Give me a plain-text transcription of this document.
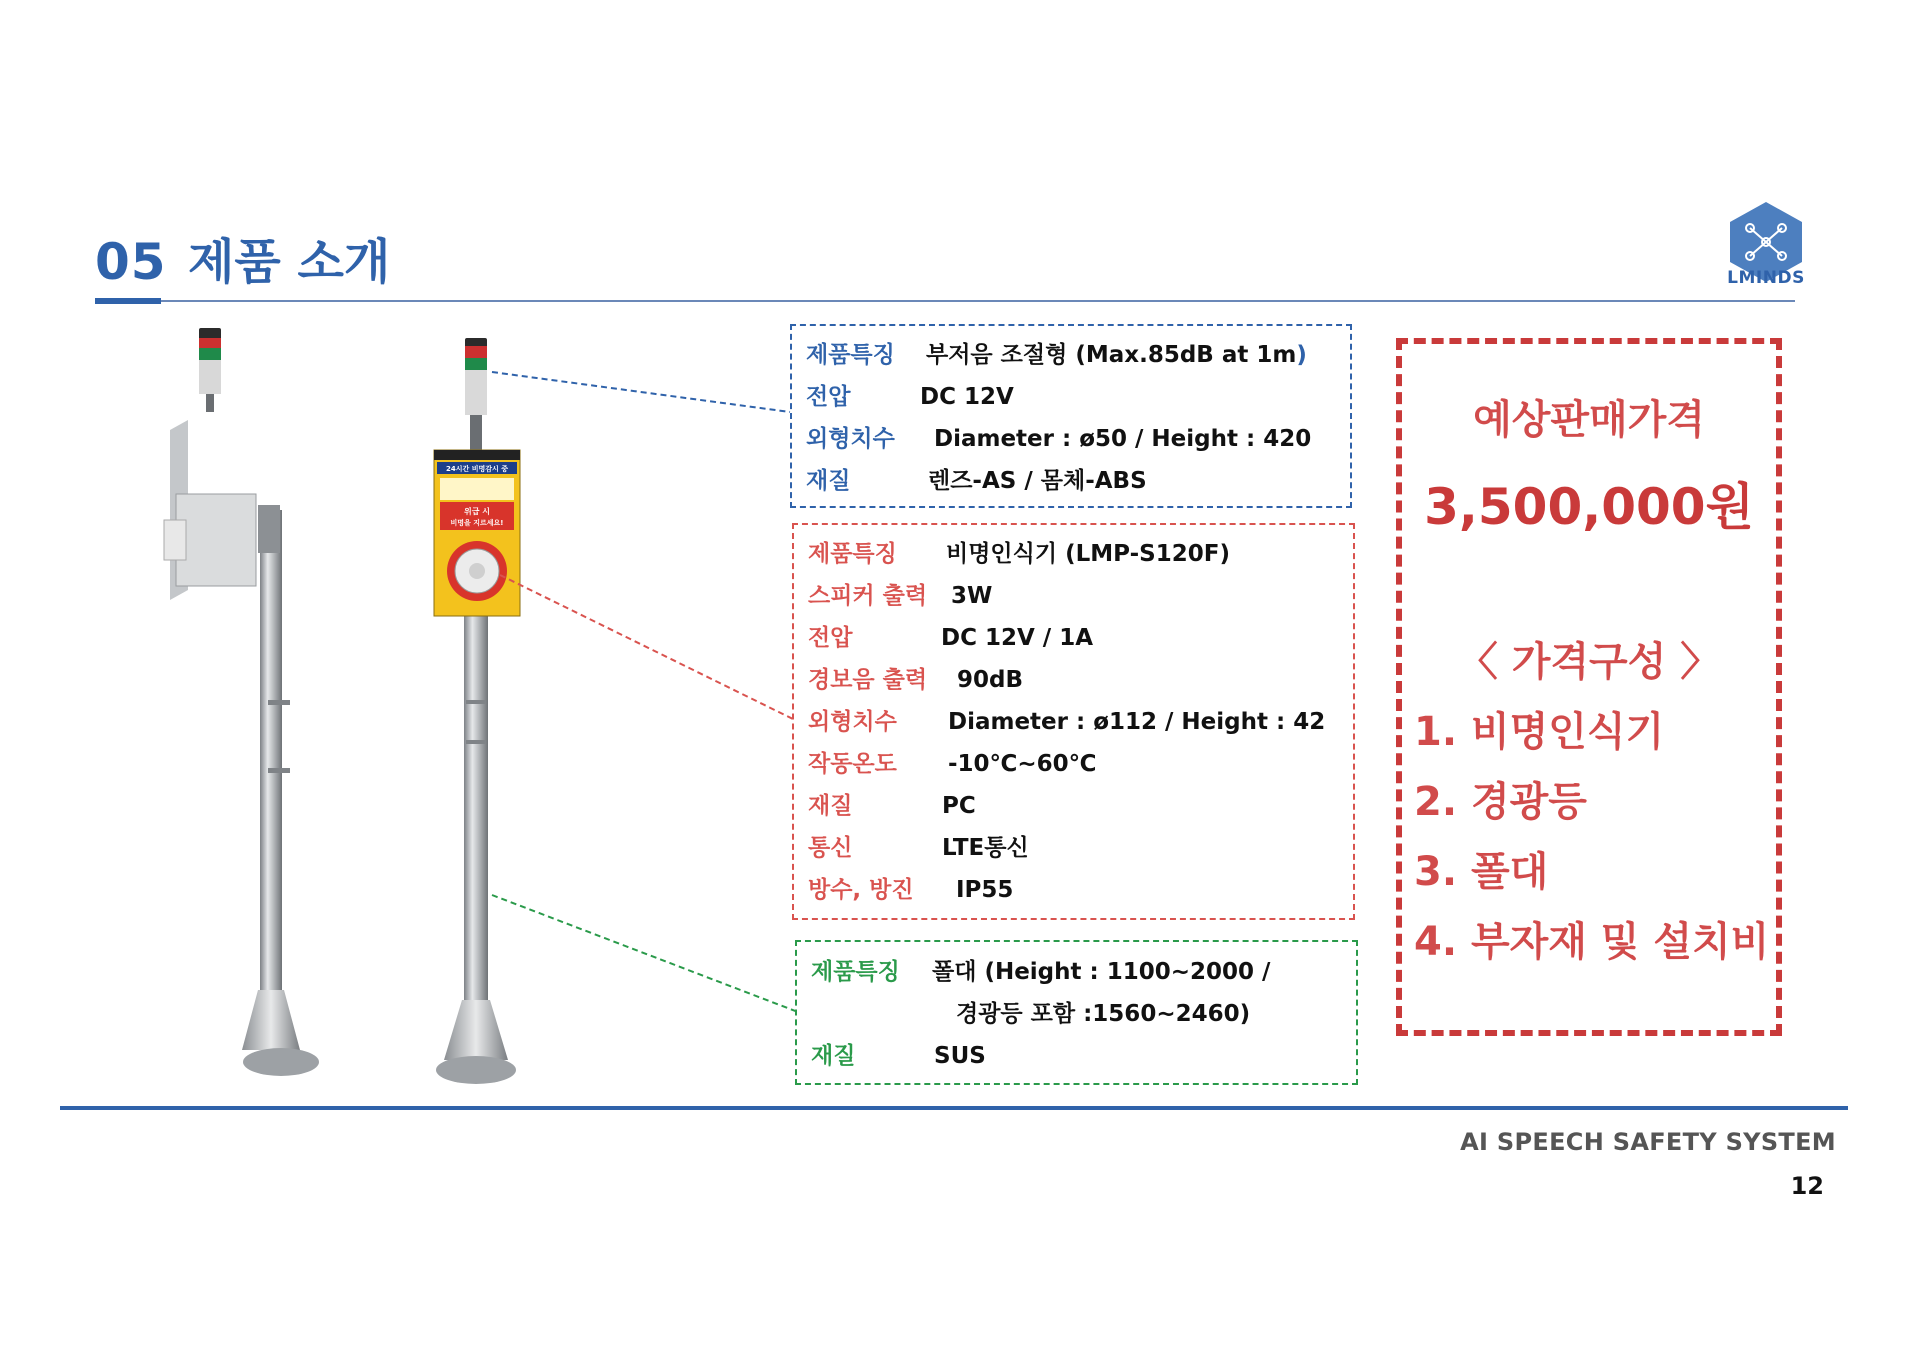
24시간 비명감시 중
위급 시
비명을 지르세요!
05 제품 소개	LMINDS
제품특징 부저음 조절형 (Max.85dB at 1m)
전압	DC 12V
외형치수 Diameter : ø50 / Height : 420
재질	렌즈-AS / 몸체-ABS
제품특징 비명인식기 (LMP-S120F)
스피커 출력 3W
전압	DC 12V / 1A
경보음 출력 90dB
외형치수 Diameter : ø112 / Height : 42
작동온도 -10℃~60℃
재질	PC
통신	LTE통신
방수, 방진 IP55
제품특징 폴대 (Height : 1100~2000 /
경광등 포함 :1560~2460)
재질	SUS
예상판매가격
3,500,000원
〈 가격구성 〉
1. 비명인식기
2. 경광등
3. 폴대
4. 부자재 및 설치비
AI SPEECH SAFETY SYSTEM
12
